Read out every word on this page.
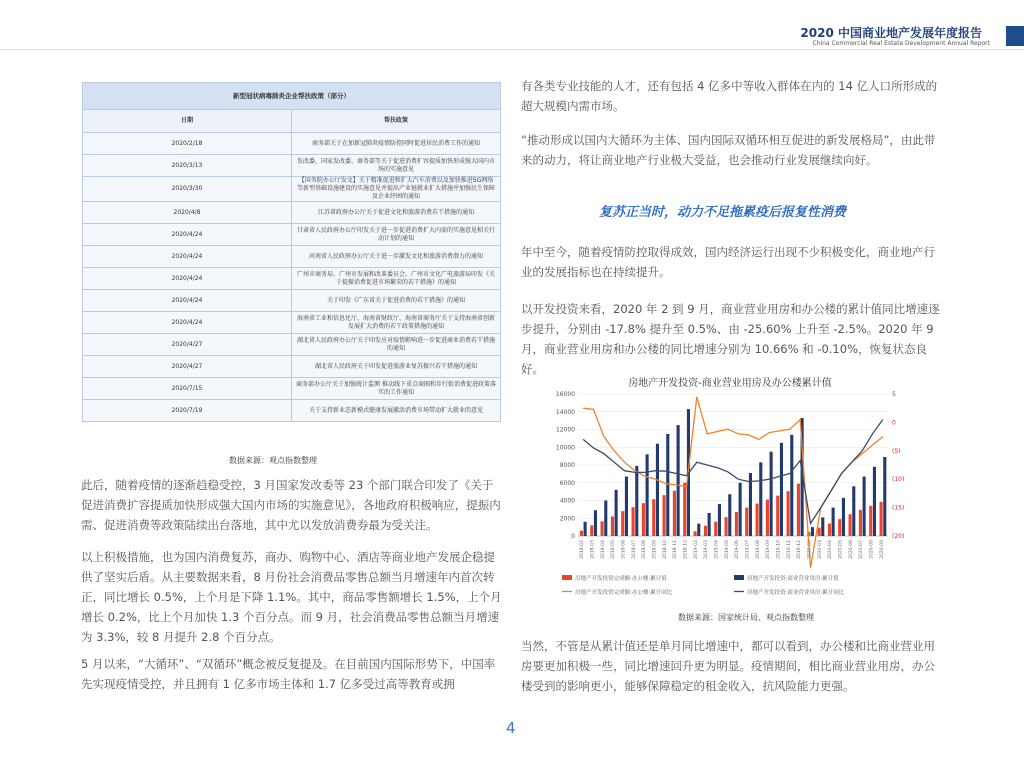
2020 中国商业地产发展年度报告
China Commercial Real Estate Development Annual Report
新型冠状病毒肺炎企业帮扶政策（部分）	
日期	帮扶政策
2020/2/18	商务部关于在加新冠肺炎疫情防控同时促进居民消费工作的通知
2020/3/13	发改委、国家发改委、商务部等关于促进消费扩容提质加快形成强大国内市场的实施意见
2020/3/30	【国务院办公厅发文】关于精准促进和扩大汽车消费以及加快推进5G网络等新型基础设施建设的实施意见并提出产业链就业扩大措施并加强民生保障及企业纾困的通知
2020/4/8	江苏省政府办公厅关于促进文化和旅游消费若干措施的通知
2020/4/24	甘肃省人民政府办公厅印发关于进一步促进消费扩大内需的实施意见相关行动计划的通知
2020/4/24	河南省人民政府办公厅关于进一步激发文化和旅游消费潜力的通知
2020/4/24	广州市商务局、广州市发展和改革委员会、广州市文化广电旅游局印发《关于提振消费促进市场繁荣的若干措施》的通知
2020/4/24	关于印发《广东省关于促进消费的若干措施》的通知
2020/4/24	海南省工业和信息化厅、海南省财政厅、海南省商务厅关于支持海南省创新发展扩大消费的若干政策措施的通知
2020/4/27	湖北省人民政府办公厅关于印发应对疫情影响进一步促进商业消费若干措施的通知
2020/4/27	湖北省人民政府关于印发促进旅游业复苏振兴若干措施的通知
2020/7/15	商务部办公厅关于加强统计监测 推动线下重点商圈和步行街消费促进政策落实的工作通知
2020/7/19	关于支持新业态新模式健康发展激活消费市场带动扩大就业的意见
数据来源：观点指数整理

此后，随着疫情的逐渐趋稳受控，3 月国家发改委等 23 个部门联合印发了《关于促进消费扩容提质加快形成强大国内市场的实施意见》，各地政府积极响应，提振内需、促进消费等政策陆续出台落地，其中尤以发放消费券最为受关注。

以上积极措施，也为国内消费复苏，商办、购物中心、酒店等商业地产发展企稳提供了坚实后盾。从主要数据来看，8 月份社会消费品零售总额当月增速年内首次转正，同比增长 0.5%，上个月是下降 1.1%。其中，商品零售额增长 1.5%，上个月增长 0.2%，比上个月加快 1.3 个百分点。而 9 月，社会消费品零售总额当月增速为 3.3%，较 8 月提升 2.8 个百分点。

5 月以来，“大循环”、“双循环”概念被反复提及。在目前国内国际形势下，中国率先实现疫情受控，并且拥有 1 亿多市场主体和 1.7 亿多受过高等教育或拥

有各类专业技能的人才，还有包括 4 亿多中等收入群体在内的 14 亿人口所形成的超大规模内需市场。

“推动形成以国内大循环为主体、国内国际双循环相互促进的新发展格局”，由此带来的动力，将让商业地产行业极大受益，也会推动行业发展继续向好。

复苏正当时，动力不足拖累疫后报复性消费

年中至今，随着疫情防控取得成效，国内经济运行出现不少积极变化，商业地产行业的发展指标也在持续提升。

以开发投资来看，2020 年 2 到 9 月，商业营业用房和办公楼的累计值同比增速逐步提升，分别由 -17.8% 提升至 0.5%、由 -25.60% 上升至 -2.5%。2020 年 9 月，商业营业用房和办公楼的同比增速分别为 10.66% 和 -0.10%，恢复状态良好。

房地产开发投资-商业营业用房及办公楼累计值
0
2000
4000
6000
8000
10000
12000
14000
16000	5
0
(5)
(10)
(15)
(20)
2018-02 2018-03 2018-04 2018-05 2018-06 2018-07 2018-08 2018-09 2018-10 2018-11 2018-12 2019-02 2019-03 2019-04 2019-05 2019-06 2019-07 2019-08 2019-09 2019-10 2019-11 2019-12 2020-02 2020-03 2020-04 2020-05 2020-06 2020-07 2020-08 2020-09
房地产开发投资完成额:办公楼:累计值	房地产开发投资:商业营业用房:累计值
房地产开发投资完成额:办公楼:累计同比	房地产开发投资:商业营业用房:累计同比
数据来源：国家统计局、观点指数整理

当然，不管是从累计值还是单月同比增速中，都可以看到，办公楼和比商业营业用房要更加积极一些，同比增速回升更为明显。疫情期间，相比商业营业用房，办公楼受到的影响更小，能够保障稳定的租金收入，抗风险能力更强。

4
